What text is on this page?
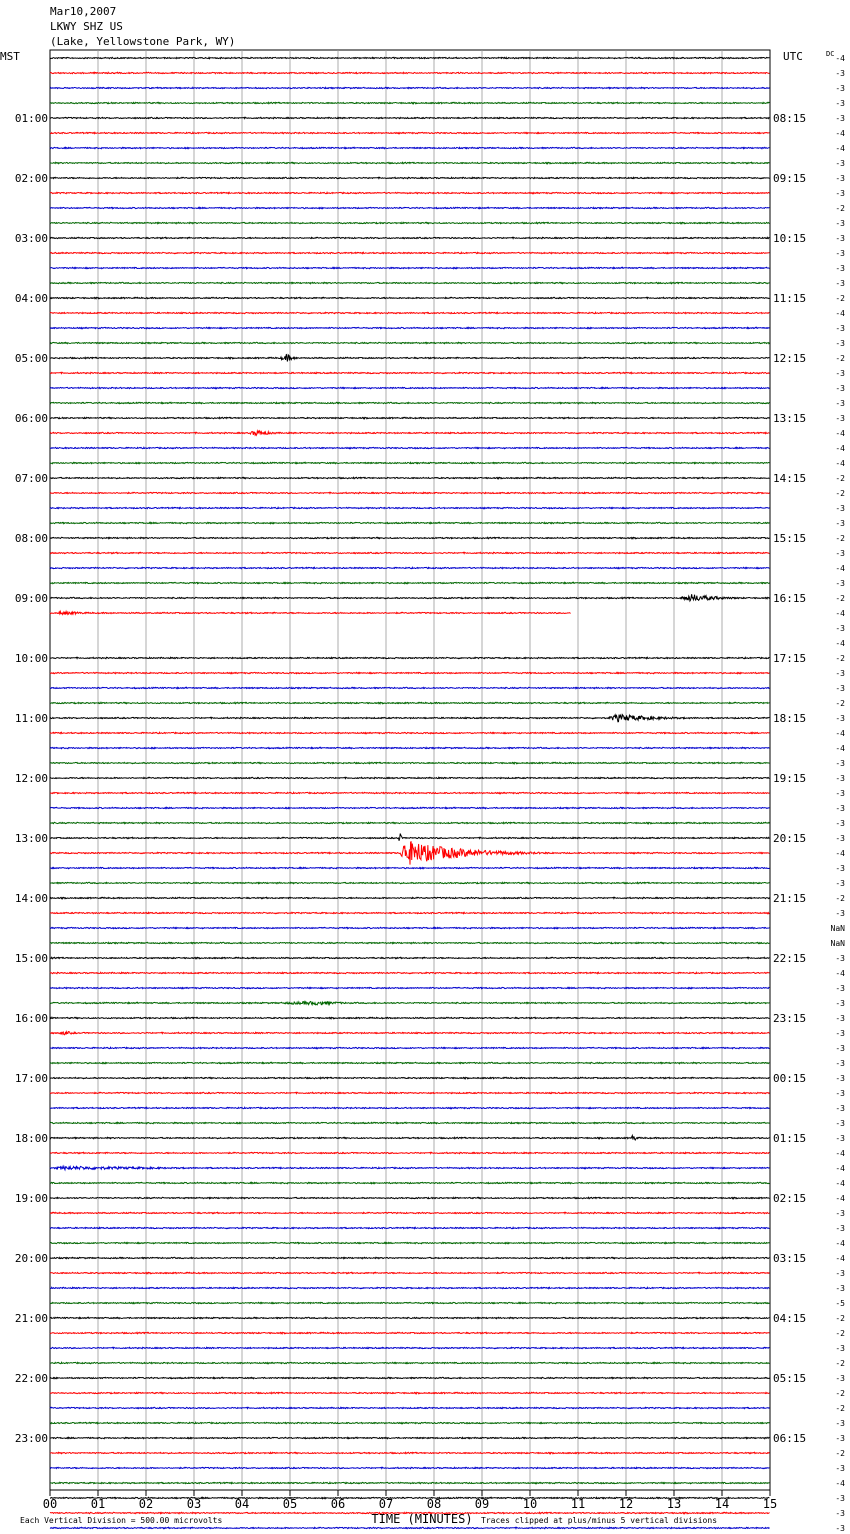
Mar10,2007
LKWY SHZ US
(Lake, Yellowstone Park, WY)
-4
-3
-3
-3
-3
-4
-4
-3
-3
-3
-2
-3
-3
-3
-3
-3
-2
-4
-3
-3
-2
-3
-3
-3
-3
-4
-4
-4
-2
-2
-3
-3
-2
-3
-4
-3
-2
-4
-3
-4
-2
-3
-3
-2
-3
-4
-4
-3
-3
-3
-3
-3
-3
-4
-3
-3
-2
-3
NaN
NaN
-3
-4
-3
-3
-3
-3
-3
-3
-3
-3
-3
-3
-3
-4
-4
-4
-4
-3
-3
-4
-4
-3
-3
-5
-2
-2
-3
-2
-3
-2
-2
-3
-3
-2
-3
-4
-3
-3
-3
MST	UTC	DC
01:00
02:00
03:00
04:00
05:00
06:00
07:00
08:00
09:00
10:00
11:00
12:00
13:00
14:00
15:00
16:00
17:00
18:00
19:00
20:00
21:00
22:00
23:00
08:15
09:15
10:15
11:15
12:15
13:15
14:15
15:15
16:15
17:15
18:15
19:15
20:15
21:15
22:15
23:15
00:15
01:15
02:15
03:15
04:15
05:15
06:15
00	01	02	03	04	05	06	07	08	09	10	11	12	13	14	15
TIME (MINUTES)
Each Vertical Division = 500.00 microvolts	Traces clipped at plus/minus 5 vertical divisions
